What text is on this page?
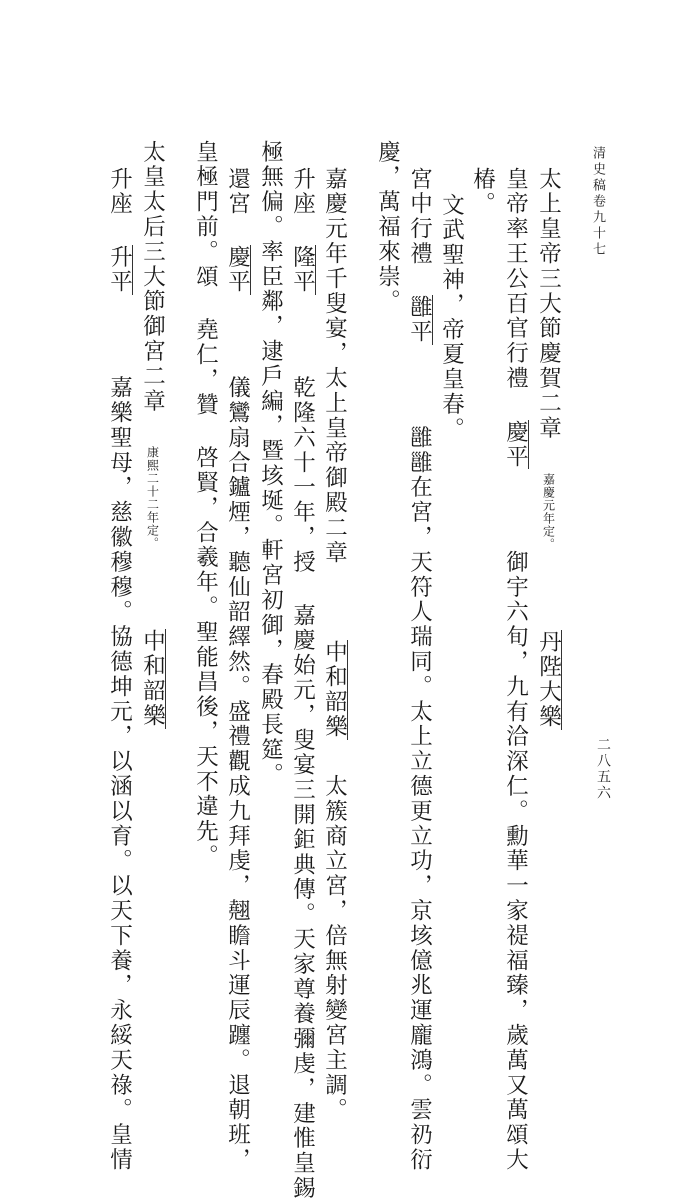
清史稿卷九十七
二八五六
太上皇帝三大節慶賀二章 嘉慶元年定。  丹陛大樂
皇帝率王公百官行禮 慶平  御宇六旬，九有洽深仁。勳華一家禔福臻，歲萬又萬頌大
椿。
文武聖神，帝夏皇春。
宮中行禮 雝平  雝雝在宮，天符人瑞同。太上立德更立功，京垓億兆運龐鴻。雲礽衍
慶，萬福來崇。
嘉慶元年千叟宴，太上皇帝御殿二章  中和韶樂 太簇商立宮，倍無射變宮主調。
升座 隆平  乾隆六十一年，授 嘉慶始元，叟宴三開鉅典傳。天家尊養彌虔，建惟皇錫
極無偏。率臣鄰，逮戶編，暨垓埏。軒宮初御，春殿長筵。
還宮 慶平  儀鸞扇合鑪煙，聽仙韶繹然。盛禮觀成九拜虔，翹瞻斗運辰躔。退朝班，
皇極門前。頌 堯仁，贊 啓賢，合羲年。聖能昌後，天不違先。
太皇太后三大節御宮二章 康熙二十二年定。  中和韶樂
升座 升平  嘉樂聖母，慈徽穆穆。協德坤元，以涵以育。以天下養，永綏天祿。皇情
